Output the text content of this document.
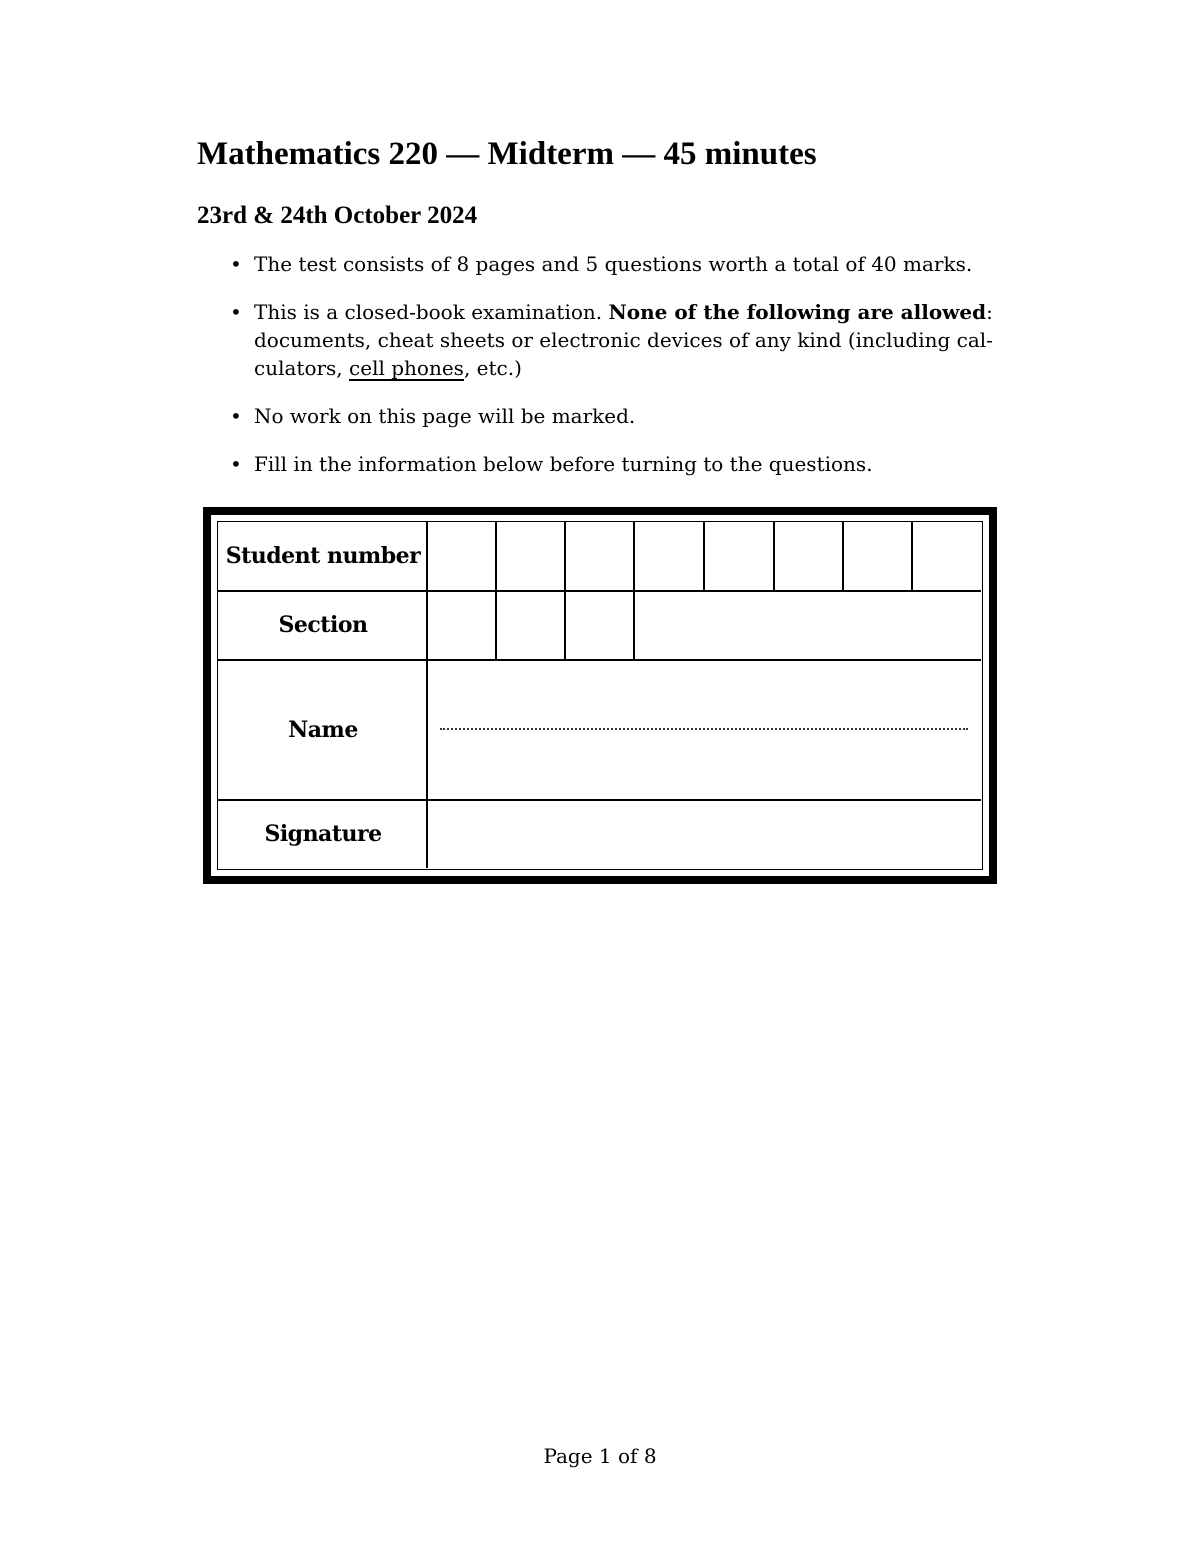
Mathematics 220 — Midterm — 45 minutes
23rd & 24th October 2024
• The test consists of 8 pages and 5 questions worth a total of 40 marks.
• This is a closed-book examination. None of the following are allowed:
documents, cheat sheets or electronic devices of any kind (including cal-
culators, cell phones, etc.)
• No work on this page will be marked.
• Fill in the information below before turning to the questions.
Student number
Section
Name
Signature
Page 1 of 8
